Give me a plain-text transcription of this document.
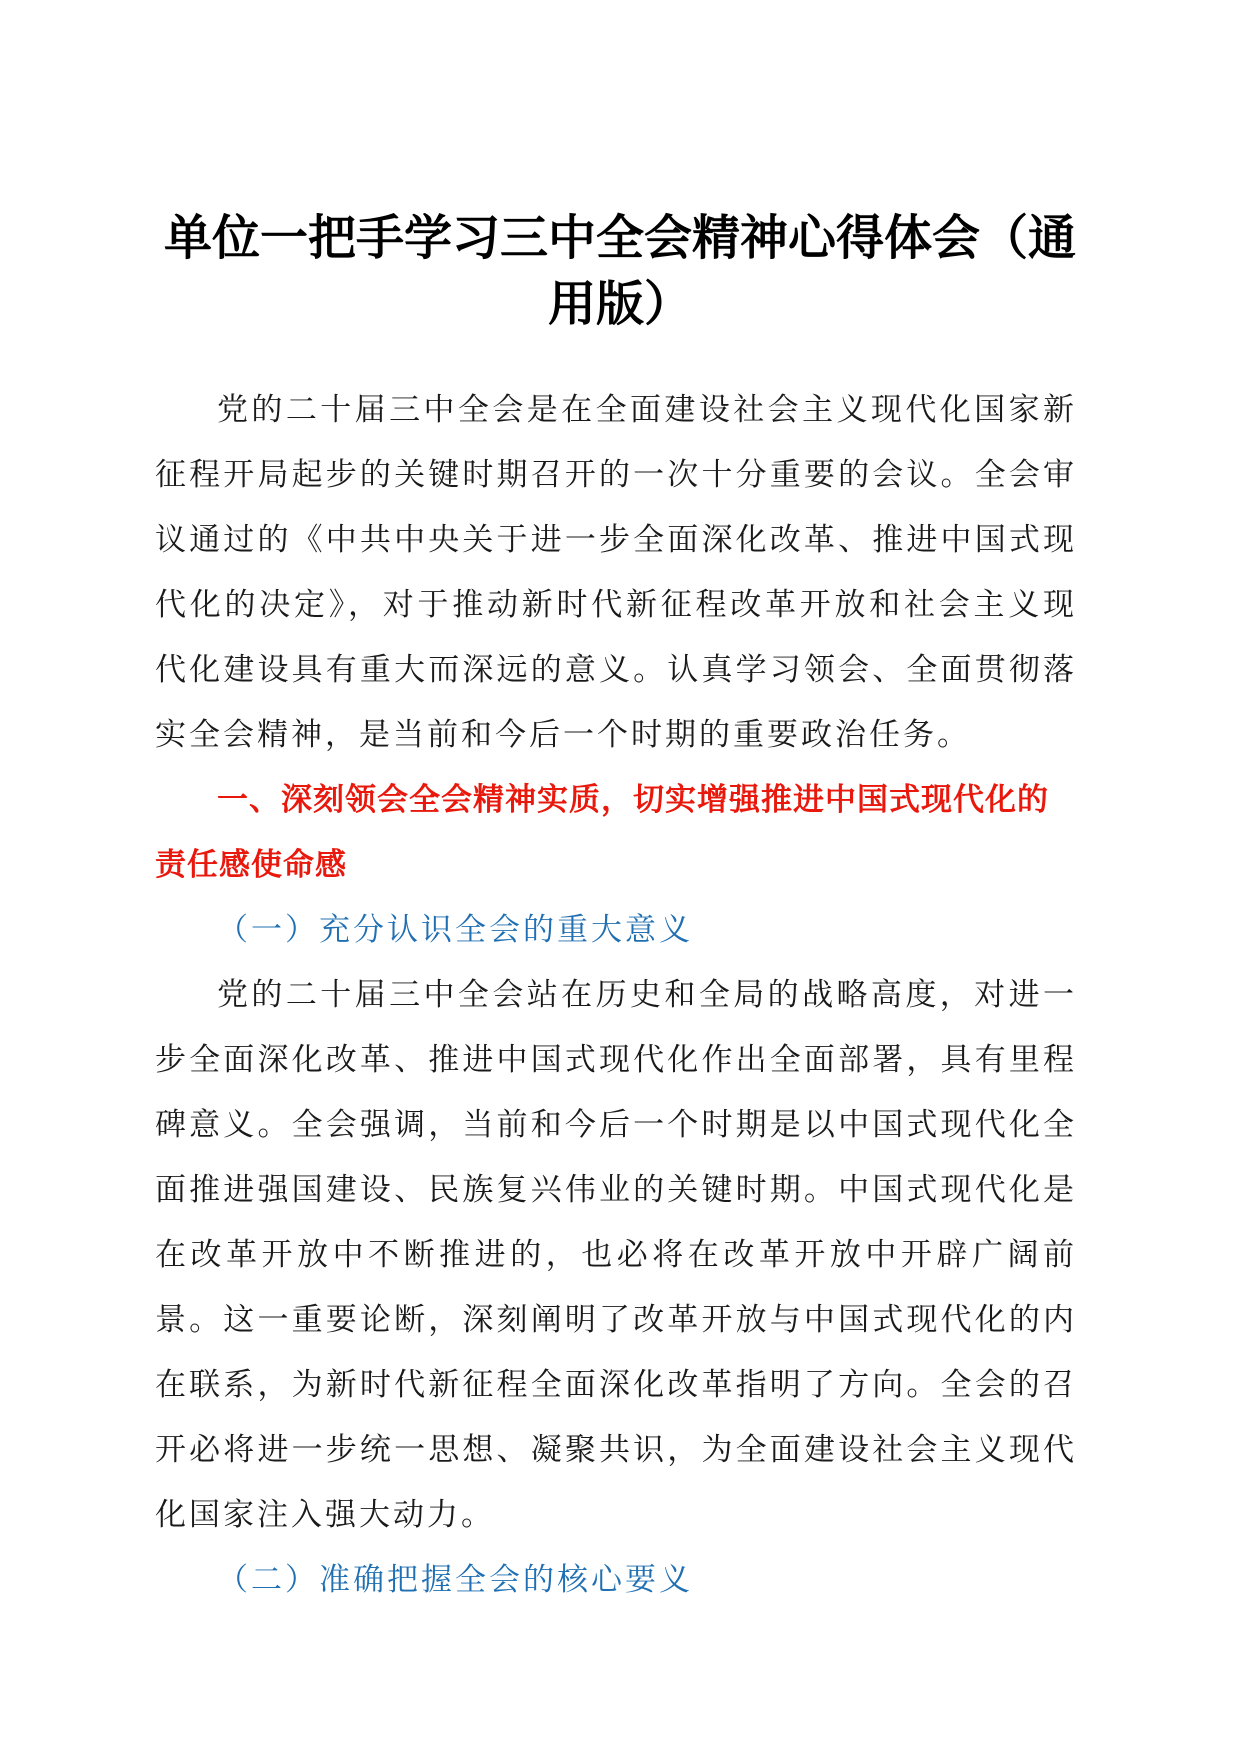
单位一把手学习三中全会精神心得体会（通用版）

党的二十届三中全会是在全面建设社会主义现代化国家新征程开局起步的关键时期召开的一次十分重要的会议。全会审议通过的《中共中央关于进一步全面深化改革、推进中国式现代化的决定》，对于推动新时代新征程改革开放和社会主义现代化建设具有重大而深远的意义。认真学习领会、全面贯彻落实全会精神，是当前和今后一个时期的重要政治任务。

一、深刻领会全会精神实质，切实增强推进中国式现代化的责任感使命感

（一）充分认识全会的重大意义

党的二十届三中全会站在历史和全局的战略高度，对进一步全面深化改革、推进中国式现代化作出全面部署，具有里程碑意义。全会强调，当前和今后一个时期是以中国式现代化全面推进强国建设、民族复兴伟业的关键时期。中国式现代化是在改革开放中不断推进的，也必将在改革开放中开辟广阔前景。这一重要论断，深刻阐明了改革开放与中国式现代化的内在联系，为新时代新征程全面深化改革指明了方向。全会的召开必将进一步统一思想、凝聚共识，为全面建设社会主义现代化国家注入强大动力。

（二）准确把握全会的核心要义
